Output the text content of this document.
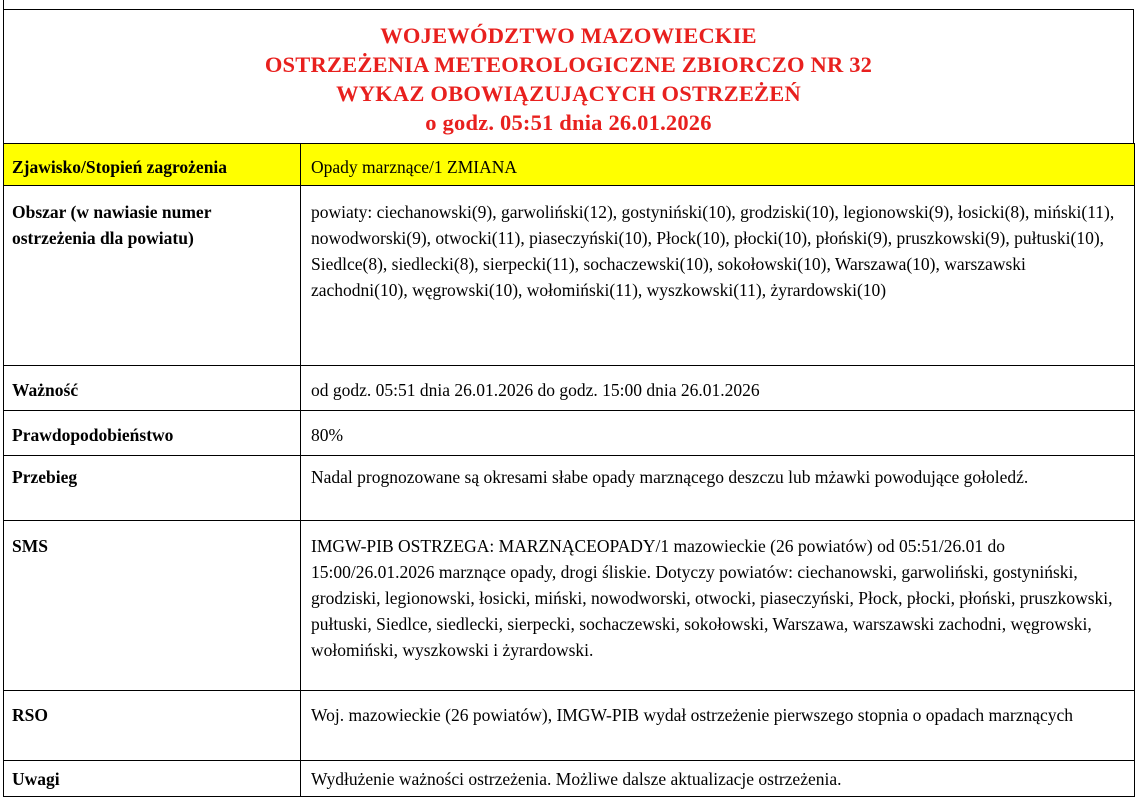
WOJEWÓDZTWO MAZOWIECKIE
OSTRZEŻENIA METEOROLOGICZNE ZBIORCZO NR 32
WYKAZ OBOWIĄZUJĄCYCH OSTRZEŻEŃ
o godz. 05:51 dnia 26.01.2026
Zjawisko/Stopień zagrożenia	Opady marznące/1 ZMIANA
Obszar (w nawiasie numer ostrzeżenia dla powiatu)	powiaty: ciechanowski(9), garwoliński(12), gostyniński(10), grodziski(10), legionowski(9), łosicki(8), miński(11), nowodworski(9), otwocki(11), piaseczyński(10), Płock(10), płocki(10), płoński(9), pruszkowski(9), pułtuski(10), Siedlce(8), siedlecki(8), sierpecki(11), sochaczewski(10), sokołowski(10), Warszawa(10), warszawski zachodni(10), węgrowski(10), wołomiński(11), wyszkowski(11), żyrardowski(10)
Ważność	od godz. 05:51 dnia 26.01.2026 do godz. 15:00 dnia 26.01.2026
Prawdopodobieństwo	80%
Przebieg	Nadal prognozowane są okresami słabe opady marznącego deszczu lub mżawki powodujące gołoledź.
SMS	IMGW-PIB OSTRZEGA: MARZNĄCEOPADY/1 mazowieckie (26 powiatów) od 05:51/26.01 do 15:00/26.01.2026 marznące opady, drogi śliskie. Dotyczy powiatów: ciechanowski, garwoliński, gostyniński, grodziski, legionowski, łosicki, miński, nowodworski, otwocki, piaseczyński, Płock, płocki, płoński, pruszkowski, pułtuski, Siedlce, siedlecki, sierpecki, sochaczewski, sokołowski, Warszawa, warszawski zachodni, węgrowski, wołomiński, wyszkowski i żyrardowski.
RSO	Woj. mazowieckie (26 powiatów), IMGW-PIB wydał ostrzeżenie pierwszego stopnia o opadach marznących
Uwagi	Wydłużenie ważności ostrzeżenia. Możliwe dalsze aktualizacje ostrzeżenia.
